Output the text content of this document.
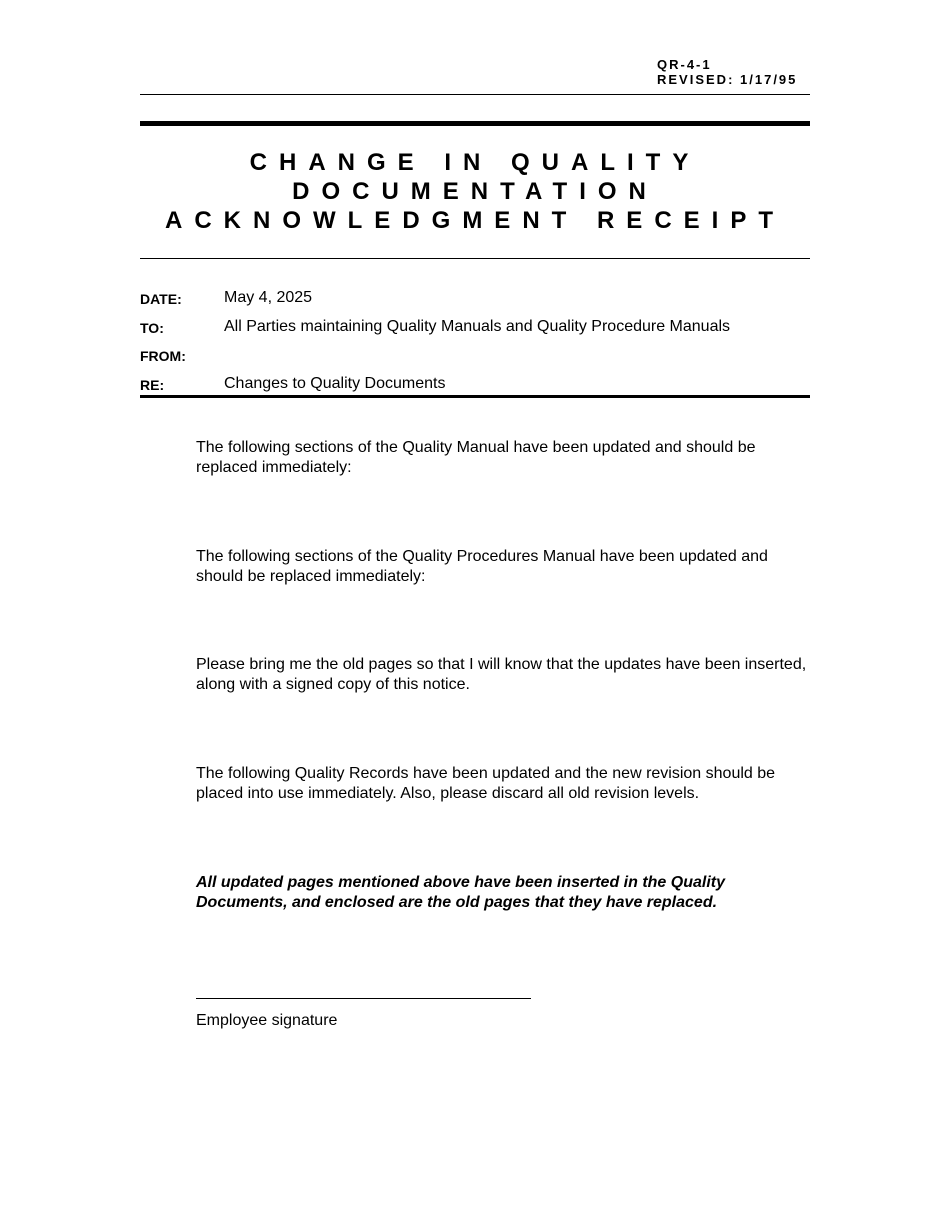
QR-4-1
REVISED: 1/17/95
CHANGE IN QUALITY
DOCUMENTATION
ACKNOWLEDGMENT RECEIPT
DATE:	May 4, 2025
TO:	All Parties maintaining Quality Manuals and Quality Procedure Manuals
FROM:
RE:	Changes to Quality Documents
The following sections of the Quality Manual have been updated and should be replaced immediately:
The following sections of the Quality Procedures Manual have been updated and should be replaced immediately:
Please bring me the old pages so that I will know that the updates have been inserted, along with a signed copy of this notice.
The following Quality Records have been updated and the new revision should be placed into use immediately. Also, please discard all old revision levels.
All updated pages mentioned above have been inserted in the Quality Documents, and enclosed are the old pages that they have replaced.
Employee signature
